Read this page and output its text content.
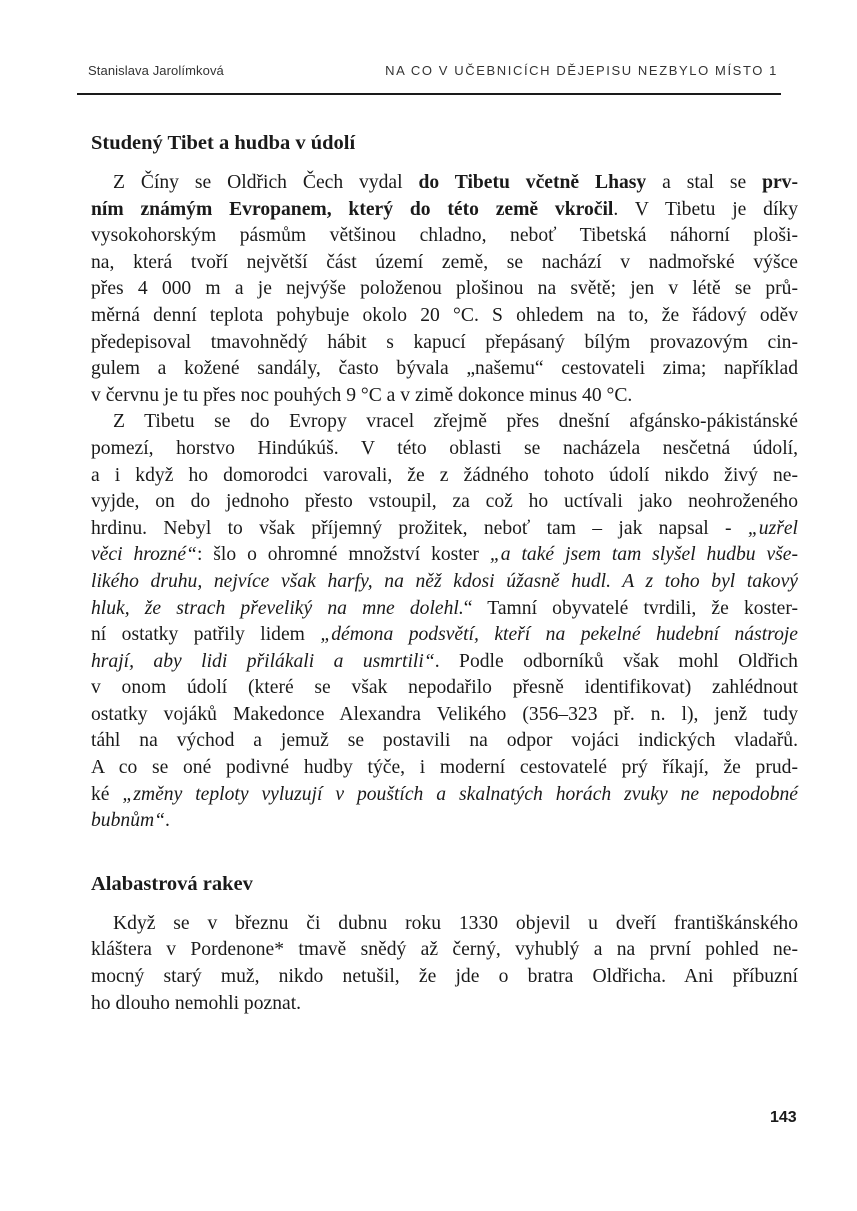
Stanislava Jarolímková	NA CO V UČEBNICÍCH DĚJEPISU NEZBYLO MÍSTO 1
Studený Tibet a hudba v údolí
Z Číny se Oldřich Čech vydal do Tibetu včetně Lhasy a stal se prv-
ním známým Evropanem, který do této země vkročil. V Tibetu je díky
vysokohorským pásmům většinou chladno, neboť Tibetská náhorní ploši-
na, která tvoří největší část území země, se nachází v nadmořské výšce
přes 4 000 m a je nejvýše položenou plošinou na světě; jen v létě se prů-
měrná denní teplota pohybuje okolo 20 °C. S ohledem na to, že řádový oděv
předepisoval tmavohnědý hábit s kapucí přepásaný bílým provazovým cin-
gulem a kožené sandály, často bývala „našemu“ cestovateli zima; například
v červnu je tu přes noc pouhých 9 °C a v zimě dokonce minus 40 °C.
Z Tibetu se do Evropy vracel zřejmě přes dnešní afgánsko-pákistánské
pomezí, horstvo Hindúkúš. V této oblasti se nacházela nesčetná údolí,
a i když ho domorodci varovali, že z žádného tohoto údolí nikdo živý ne-
vyjde, on do jednoho přesto vstoupil, za což ho uctívali jako neohroženého
hrdinu. Nebyl to však příjemný prožitek, neboť tam – jak napsal - „uzřel
věci hrozné“: šlo o ohromné množství koster „a také jsem tam slyšel hudbu vše-
likého druhu, nejvíce však harfy, na něž kdosi úžasně hudl. A z toho byl takový
hluk, že strach převeliký na mne dolehl.“ Tamní obyvatelé tvrdili, že koster-
ní ostatky patřily lidem „démona podsvětí, kteří na pekelné hudební nástroje
hrají, aby lidi přilákali a usmrtili“. Podle odborníků však mohl Oldřich
v onom údolí (které se však nepodařilo přesně identifikovat) zahlédnout
ostatky vojáků Makedonce Alexandra Velikého (356–323 př. n. l), jenž tudy
táhl na východ a jemuž se postavili na odpor vojáci indických vladařů.
A co se oné podivné hudby týče, i moderní cestovatelé prý říkají, že prud-
ké „změny teploty vyluzují v pouštích a skalnatých horách zvuky ne nepodobné
bubnům“.
Alabastrová rakev
Když se v březnu či dubnu roku 1330 objevil u dveří františkánského
kláštera v Pordenone* tmavě snědý až černý, vyhublý a na první pohled ne-
mocný starý muž, nikdo netušil, že jde o bratra Oldřicha. Ani příbuzní
ho dlouho nemohli poznat.
143
